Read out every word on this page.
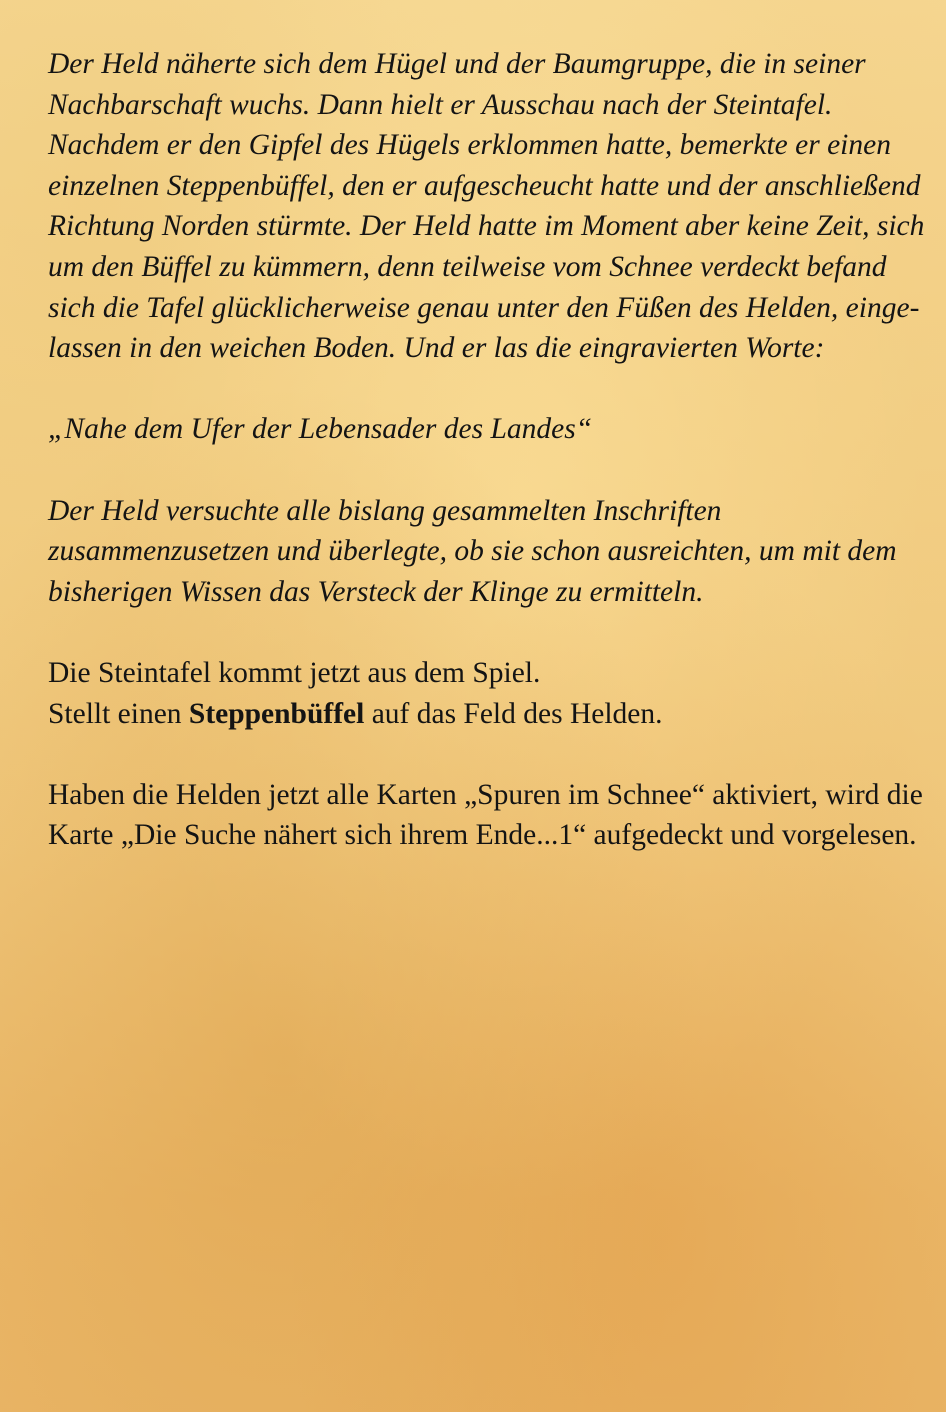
Der Held näherte sich dem Hügel und der Baumgruppe, die in seiner Nachbarschaft wuchs. Dann hielt er Ausschau nach der Steintafel.

Nachdem er den Gipfel des Hügels erklommen hatte, bemerkte er einen einzelnen Steppenbüffel, den er aufgescheucht hatte und der anschließend Richtung Norden stürmte. Der Held hatte im Moment aber keine Zeit, sich um den Büffel zu kümmern, denn teilweise vom Schnee verdeckt befand sich die Tafel glücklicherweise genau unter den Füßen des Helden, einge-lassen in den weichen Boden. Und er las die eingravierten Worte:

„Nahe dem Ufer der Lebensader des Landes“

Der Held versuchte alle bislang gesammelten Inschriften zusammenzusetzen und überlegte, ob sie schon ausreichten, um mit dem bisherigen Wissen das Versteck der Klinge zu ermitteln.

Die Steintafel kommt jetzt aus dem Spiel.

Stellt einen Steppenbüffel auf das Feld des Helden.

Haben die Helden jetzt alle Karten „Spuren im Schnee“ aktiviert, wird die Karte „Die Suche nähert sich ihrem Ende...1“ aufgedeckt und vorgelesen.
